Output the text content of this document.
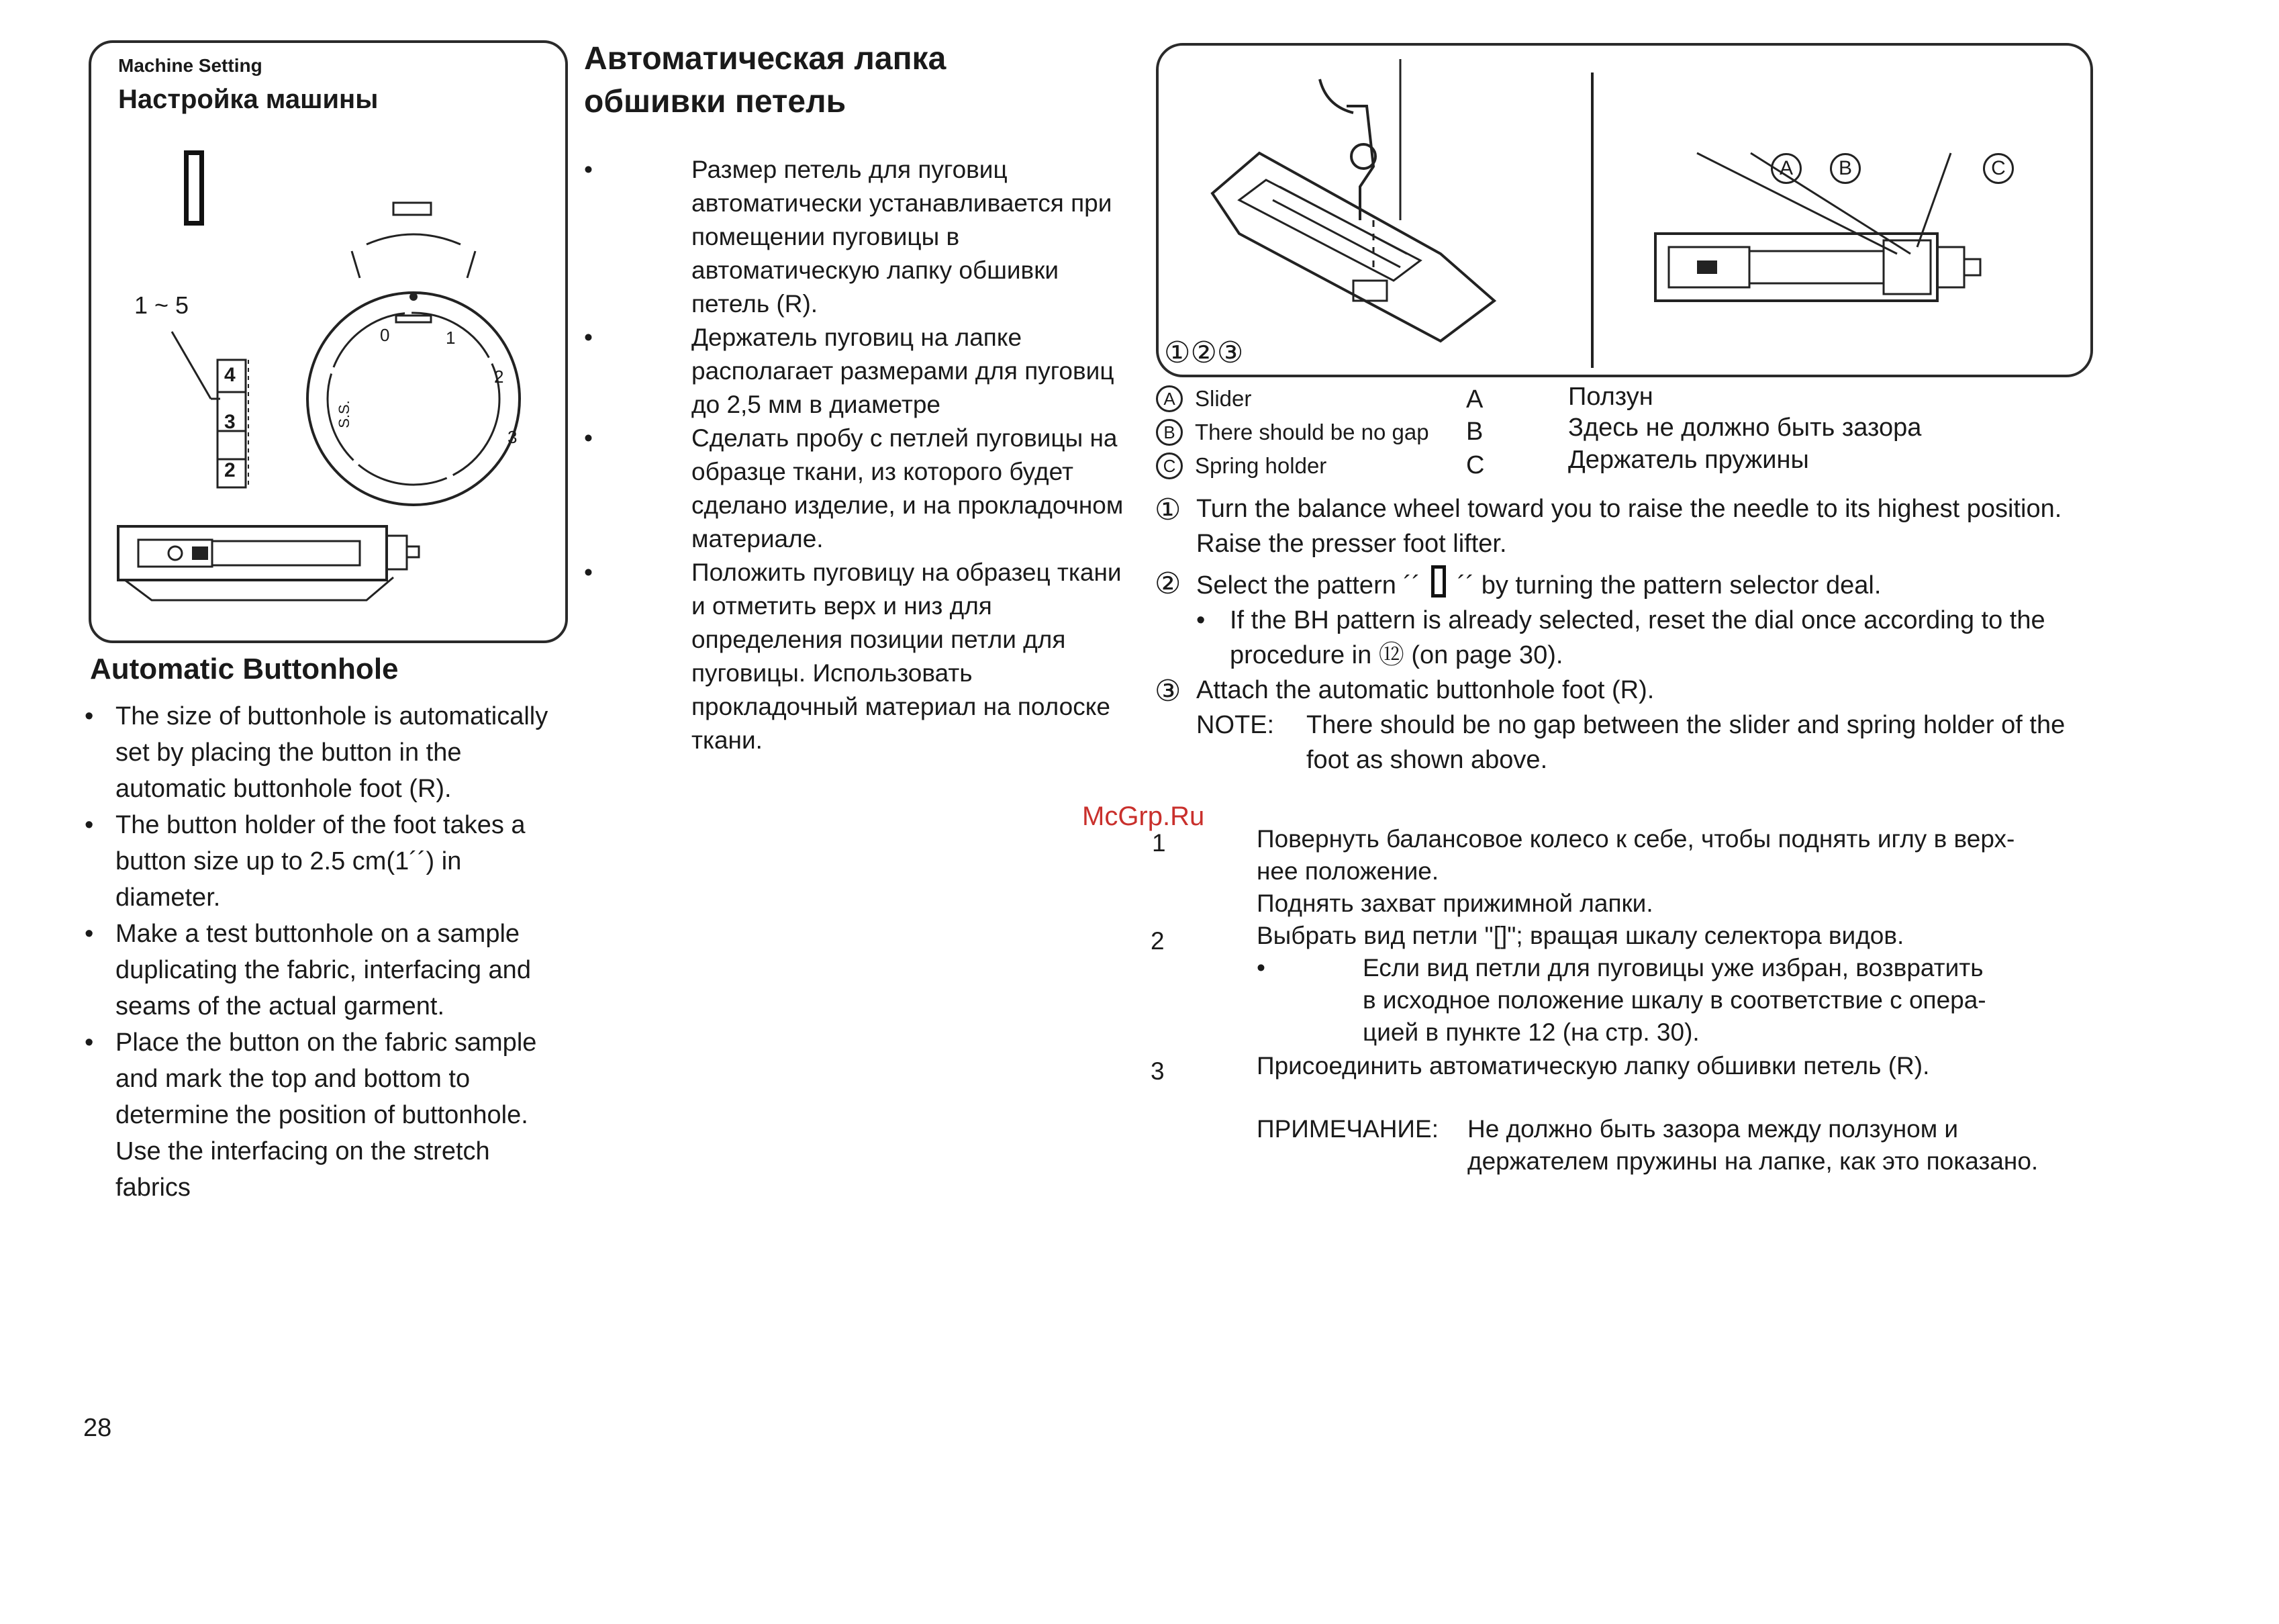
Machine Setting
Настройка машины
1 ~ 5
4
3
2
0	1
2
3
S.S.
Automatic Buttonhole
• The size of buttonhole is automatically set by placing the button in the automatic buttonhole foot (R).
• The button holder of the foot takes a button size up to 2.5 cm(1´´) in diameter.
• Make a test buttonhole on a sample duplicating the fabric, interfacing and seams of the actual garment.
• Place the button on the fabric sample and mark the top and bottom to determine the position of buttonhole. Use the interfacing on the stretch fabrics
28
Автоматическая лапка
обшивки петель
•	Размер петель для пуговиц автоматически устанавливается при помещении пуговицы в автоматическую лапку обшивки петель (R).
•	Держатель пуговиц на лапке располагает размерами для пуговиц до 2,5 мм в диаметре
•	Сделать пробу с петлей пуговицы на образце ткани, из которого будет сделано изделие, и на прокладочном материале.
•	Положить пуговицу на образец ткани и отметить верх и низ для определения позиции петли для пуговицы. Использовать прокладочный материал на полоске ткани.
①②③
A	B	C
A Slider	A	Ползун
B There should be no gap B	Здесь не должно быть зазора
C Spring holder	C	Держатель пружины
① Turn the balance wheel toward you to raise the needle to its highest position.
Raise the presser foot lifter.
② Select the pattern ´´ ´´ by turning the pattern selector deal.
• If the BH pattern is already selected, reset the dial once according to the
procedure in ⑫ (on page 30).
③ Attach the automatic buttonhole foot (R).
NOTE: There should be no gap between the slider and spring holder of the
foot as shown above.
McGrp.Ru
1	Повернуть балансовое колесо к себе, чтобы поднять иглу в верх-
нее положение.
Поднять захват прижимной лапки.
2	Выбрать вид петли "[]"; вращая шкалу селектора видов.
•	Если вид петли для пуговицы уже избран, возвратить
в исходное положение шкалу в соответствие с опера-
цией в пункте 12 (на стр. 30).
3	Присоединить автоматическую лапку обшивки петель (R).
ПРИМЕЧАНИЕ: Не должно быть зазора между ползуном и
держателем пружины на лапке, как это показано.
